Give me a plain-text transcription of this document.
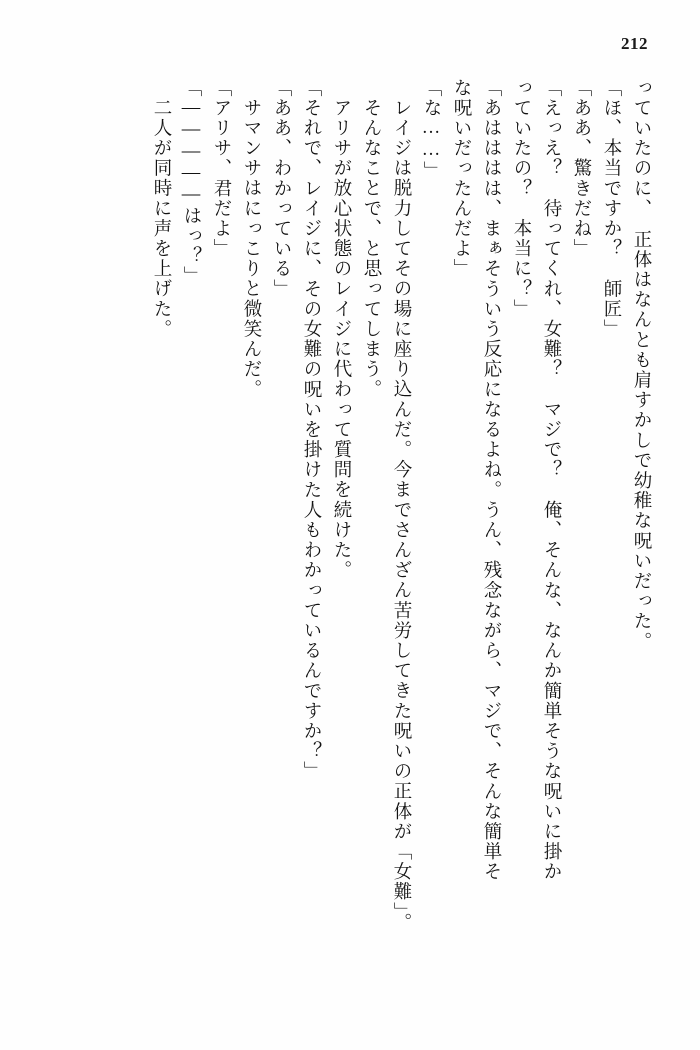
212
っていたのに、　正体はなんとも肩すかしで幼稚な呪いだった。
「ほ、本当ですか？　師匠」
「ああ、驚きだね」
「えっえ？　待ってくれ、女難？　マジで？　俺、そんな、なんか簡単そうな呪いに掛か
っていたの？　本当に？」
「あはははは、まぁそういう反応になるよね。うん、残念ながら、マジで、そんな簡単そ
な呪いだったんだよ」
「な……」
レイジは脱力してその場に座り込んだ。今までさんざん苦労してきた呪いの正体が「女難」。
そんなことで、と思ってしまう。
アリサが放心状態のレイジに代わって質問を続けた。
「それで、レイジに、その女難の呪いを掛けた人もわかっているんですか？」
「ああ、わかっている」
サマンサはにっこりと微笑んだ。
「アリサ、君だよ」
「―――――はっ？」
二人が同時に声を上げた。
